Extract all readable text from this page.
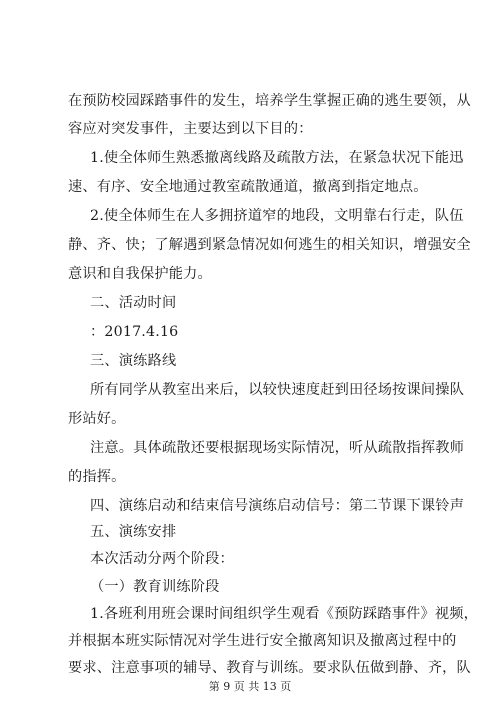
在预防校园踩踏事件的发生，培养学生掌握正确的逃生要领，从
容应对突发事件，主要达到以下目的：
1.使全体师生熟悉撤离线路及疏散方法，在紧急状况下能迅
速、有序、安全地通过教室疏散通道，撤离到指定地点。
2.使全体师生在人多拥挤道窄的地段，文明靠右行走，队伍
静、齐、快；了解遇到紧急情况如何逃生的相关知识，增强安全
意识和自我保护能力。
二、活动时间
：2017.4.16
三、演练路线
所有同学从教室出来后，以较快速度赶到田径场按课间操队
形站好。
注意。具体疏散还要根据现场实际情况，听从疏散指挥教师
的指挥。
四、演练启动和结束信号演练启动信号：第二节课下课铃声
五、演练安排
本次活动分两个阶段：
（一）教育训练阶段
1.各班利用班会课时间组织学生观看《预防踩踏事件》视频，
并根据本班实际情况对学生进行安全撤离知识及撤离过程中的
要求、注意事项的辅导、教育与训练。要求队伍做到静、齐，队
第 9 页 共 13 页
